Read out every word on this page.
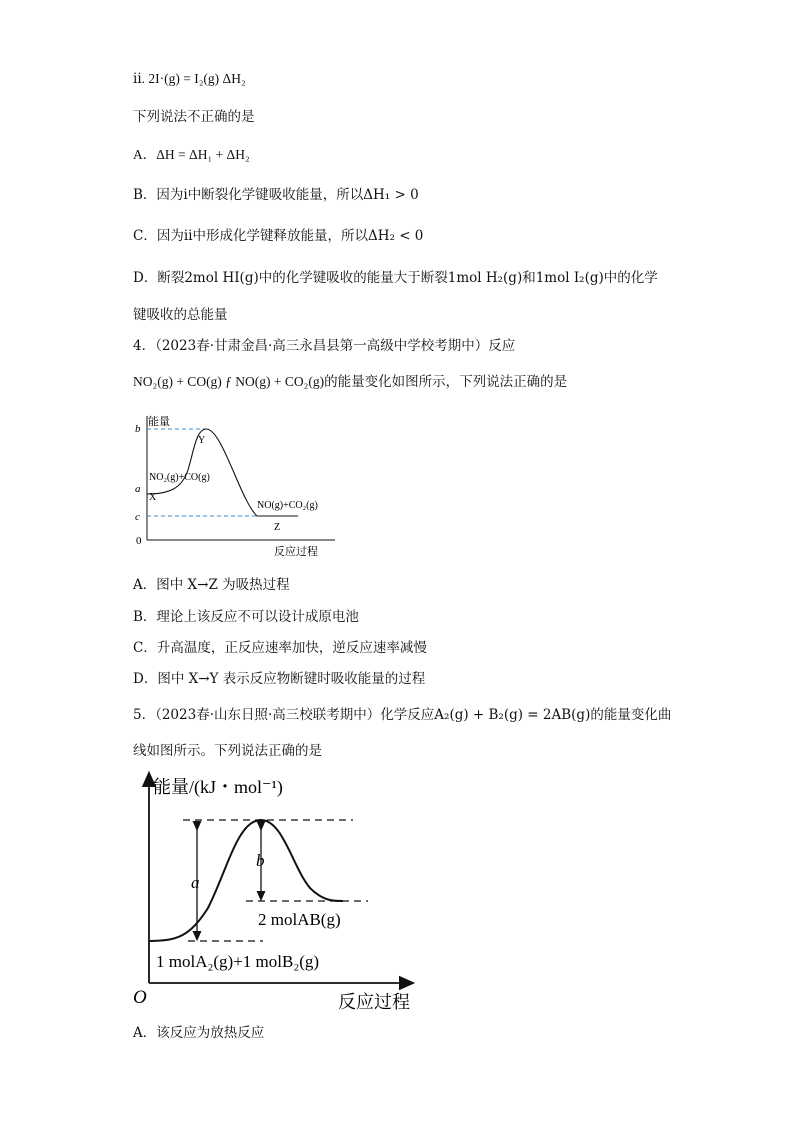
ⅱ. 2I·(g) = I₂(g) ΔH₂
下列说法不正确的是
A．ΔH = ΔH₁ + ΔH₂
B．因为ⅰ中断裂化学键吸收能量，所以ΔH₁ > 0
C．因为ⅱ中形成化学键释放能量，所以ΔH₂ < 0
D．断裂2mol HI(g)中的化学键吸收的能量大于断裂1mol H₂(g)和1mol I₂(g)中的化学
键吸收的总能量
4．（2023春·甘肃金昌·高三永昌县第一高级中学校考期中）反应
NO₂(g) + CO(g) ƒ NO(g) + CO₂(g)的能量变化如图所示，下列说法正确的是
能量
b
a
c
0
Y
NO₂(g)+CO(g)
X
NO(g)+CO₂(g)
Z
反应过程
A．图中 X→Z 为吸热过程
B．理论上该反应不可以设计成原电池
C．升高温度，正反应速率加快，逆反应速率减慢
D．图中 X→Y 表示反应物断键时吸收能量的过程
5．（2023春·山东日照·高三校联考期中）化学反应A₂(g) + B₂(g) = 2AB(g)的能量变化曲
线如图所示。下列说法正确的是
能量/(kJ・mol⁻¹)
a
b
2 molAB(g)
1 molA₂(g)+1 molB₂(g)
O	反应过程
A．该反应为放热反应
